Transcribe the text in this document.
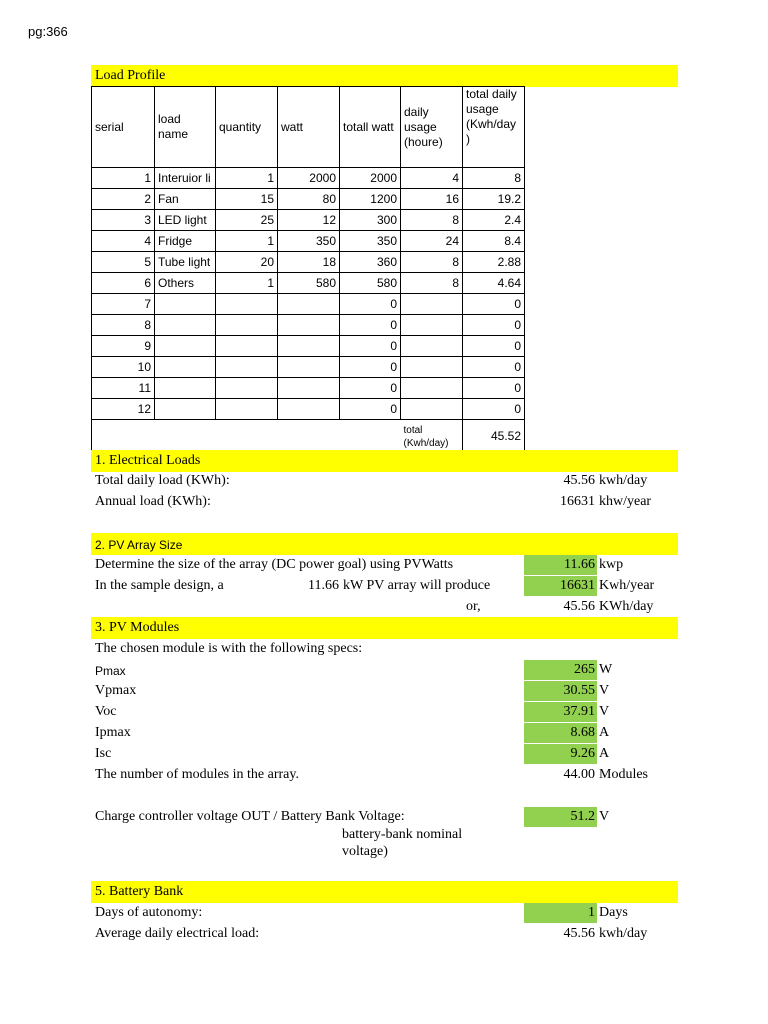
pg:366
Load Profile
serial	load name	quantity	watt	totall watt	daily usage (houre)	total daily usage (Kwh/day )
1	Interuior li	1	2000	2000	4	8
2	Fan	15	80	1200	16	19.2
3	LED light	25	12	300	8	2.4
4	Fridge	1	350	350	24	8.4
5	Tube light	20	18	360	8	2.88
6	Others	1	580	580	8	4.64
7				0		0
8				0		0
9				0		0
10				0		0
11				0		0
12				0		0
					total (Kwh/day)	45.52
1. Electrical Loads
Total daily load (KWh):	45.56 kwh/day
Annual load (KWh):	16631 khw/year
2. PV Array Size
Determine the size of the array (DC power goal) using PVWatts	11.66 kwp
In the sample design, a	11.66 kW PV array will produce	16631 Kwh/year
or,	45.56 KWh/day
3. PV Modules
The chosen module is with the following specs:
Pmax	265 W
Vpmax	30.55 V
Voc	37.91 V
Ipmax	8.68 A
Isc	9.26 A
The number of modules in the array.	44.00 Modules
Charge controller voltage OUT / Battery Bank Voltage:	51.2 V
battery-bank nominal
voltage)
5. Battery Bank
Days of autonomy:	1 Days
Average daily electrical load:	45.56 kwh/day
